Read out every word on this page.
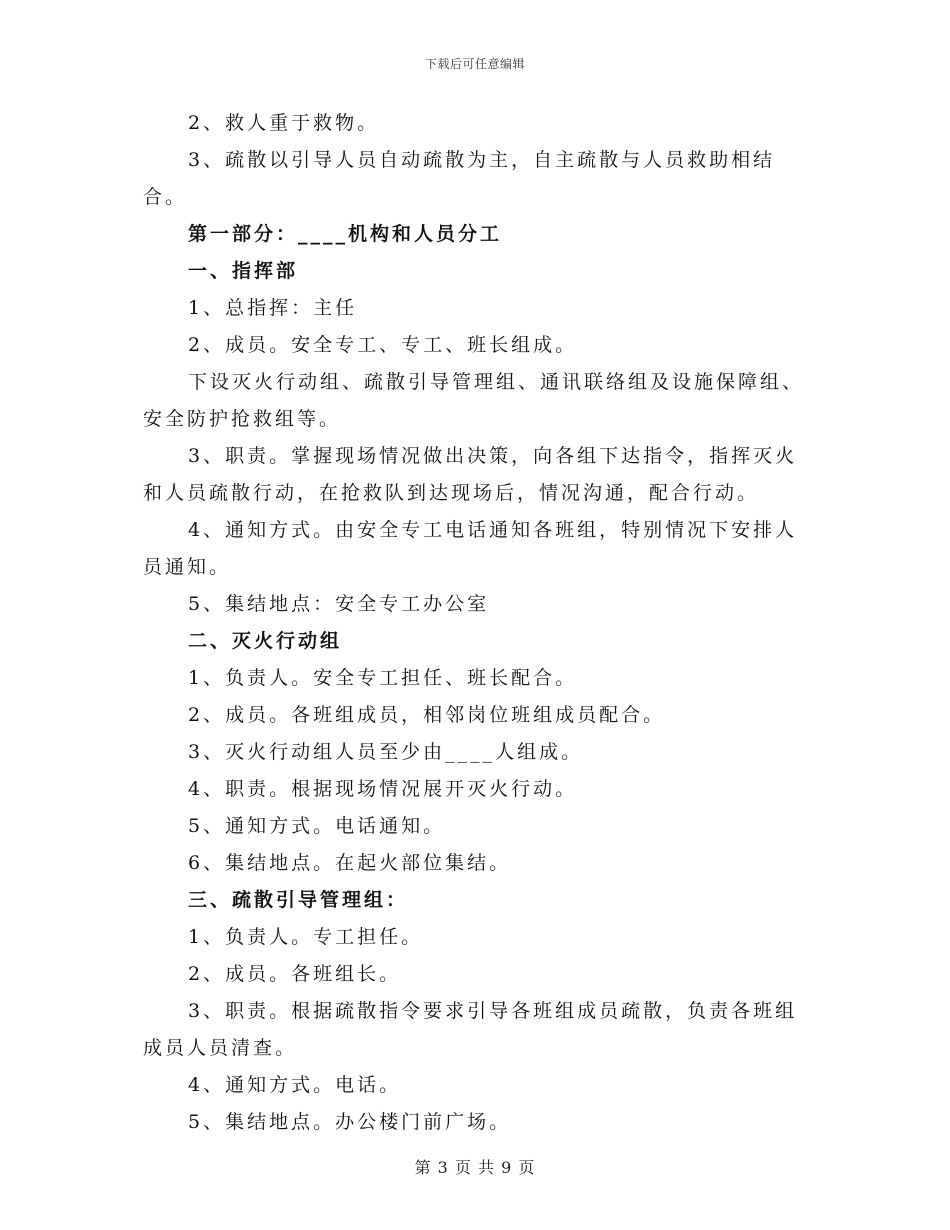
下载后可任意编辑

2、救人重于救物。

3、疏散以引导人员自动疏散为主，自主疏散与人员救助相结合。

第一部分：____机构和人员分工

一、指挥部

1、总指挥：主任

2、成员。安全专工、专工、班长组成。

下设灭火行动组、疏散引导管理组、通讯联络组及设施保障组、安全防护抢救组等。

3、职责。掌握现场情况做出决策，向各组下达指令，指挥灭火和人员疏散行动，在抢救队到达现场后，情况沟通，配合行动。

4、通知方式。由安全专工电话通知各班组，特别情况下安排人员通知。

5、集结地点：安全专工办公室

二、灭火行动组

1、负责人。安全专工担任、班长配合。

2、成员。各班组成员，相邻岗位班组成员配合。

3、灭火行动组人员至少由____人组成。

4、职责。根据现场情况展开灭火行动。

5、通知方式。电话通知。

6、集结地点。在起火部位集结。

三、疏散引导管理组：

1、负责人。专工担任。

2、成员。各班组长。

3、职责。根据疏散指令要求引导各班组成员疏散，负责各班组成员人员清查。

4、通知方式。电话。

5、集结地点。办公楼门前广场。

第 3 页 共 9 页
